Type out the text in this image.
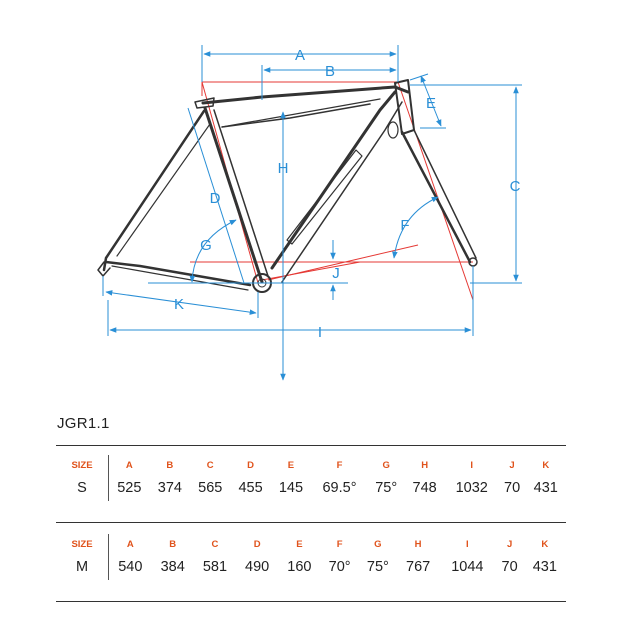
A
B
C
D
E
F
G
H
I
J
K
JGR1.1
SIZE	A	B	C	D	E	F	G	H	I	J	K
S	525	374	565	455	145	69.5°	75°	748	1032	70	431
SIZE	A	B	C	D	E	F	G	H	I	J	K
M	540	384	581	490	160	70°	75°	767	1044	70	431
